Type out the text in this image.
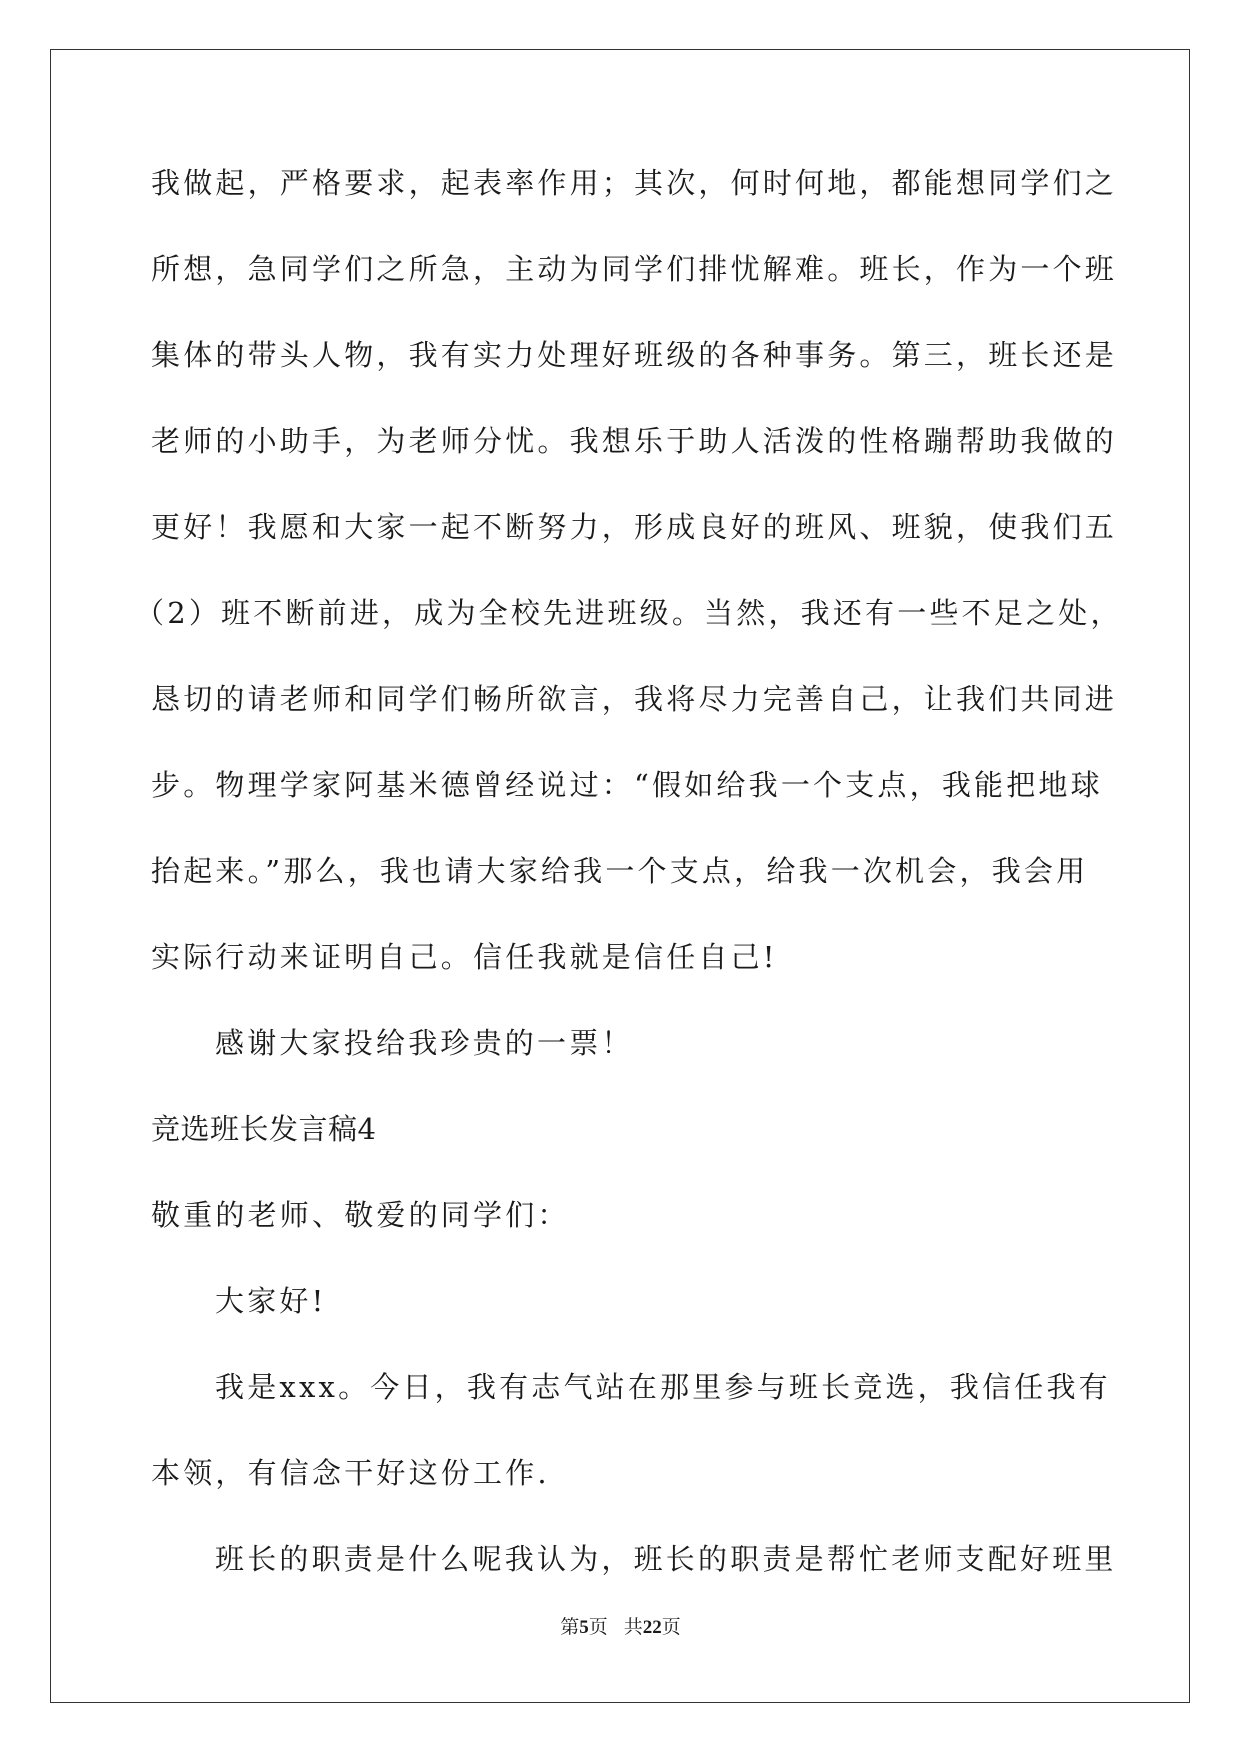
我做起，严格要求，起表率作用；其次，何时何地，都能想同学们之
所想，急同学们之所急，主动为同学们排忧解难。班长，作为一个班
集体的带头人物，我有实力处理好班级的各种事务。第三，班长还是
老师的小助手，为老师分忧。我想乐于助人活泼的性格蹦帮助我做的
更好！我愿和大家一起不断努力，形成良好的班风、班貌，使我们五
（2）班不断前进，成为全校先进班级。当然，我还有一些不足之处，
恳切的请老师和同学们畅所欲言，我将尽力完善自己，让我们共同进
步。物理学家阿基米德曾经说过：“假如给我一个支点，我能把地球
抬起来。”那么，我也请大家给我一个支点，给我一次机会，我会用
实际行动来证明自己。信任我就是信任自己!
感谢大家投给我珍贵的一票！
竞选班长发言稿4
敬重的老师、敬爱的同学们：
大家好!
我是xxx。今日，我有志气站在那里参与班长竞选，我信任我有
本领，有信念干好这份工作.
班长的职责是什么呢我认为，班长的职责是帮忙老师支配好班里
第5页 共22页
